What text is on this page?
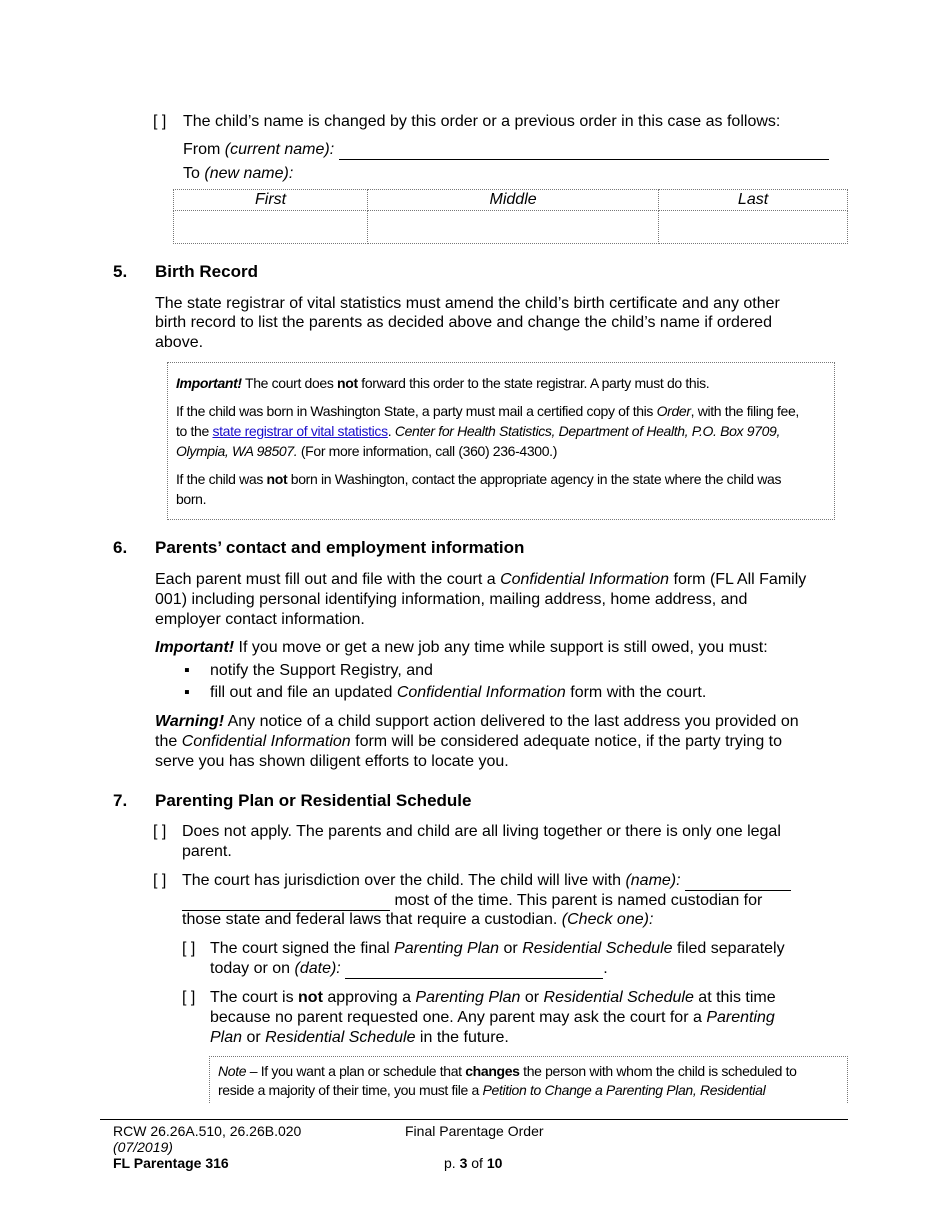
[ ] The child’s name is changed by this order or a previous order in this case as follows:
From (current name):
To (new name):
First	Middle	Last

5. Birth Record
The state registrar of vital statistics must amend the child’s birth certificate and any other
birth record to list the parents as decided above and change the child’s name if ordered
above.
Important! The court does not forward this order to the state registrar. A party must do this.
If the child was born in Washington State, a party must mail a certified copy of this Order, with the filing fee,
to the state registrar of vital statistics. Center for Health Statistics, Department of Health, P.O. Box 9709,
Olympia, WA 98507. (For more information, call (360) 236-4300.)
If the child was not born in Washington, contact the appropriate agency in the state where the child was
born.
6. Parents’ contact and employment information
Each parent must fill out and file with the court a Confidential Information form (FL All Family
001) including personal identifying information, mailing address, home address, and
employer contact information.
Important! If you move or get a new job any time while support is still owed, you must:
▪ notify the Support Registry, and
▪ fill out and file an updated Confidential Information form with the court.
Warning! Any notice of a child support action delivered to the last address you provided on
the Confidential Information form will be considered adequate notice, if the party trying to
serve you has shown diligent efforts to locate you.
7. Parenting Plan or Residential Schedule
[ ] Does not apply. The parents and child are all living together or there is only one legal
parent.
[ ] The court has jurisdiction over the child. The child will live with (name):
most of the time. This parent is named custodian for
those state and federal laws that require a custodian. (Check one):
[ ] The court signed the final Parenting Plan or Residential Schedule filed separately
today or on (date):	.
[ ] The court is not approving a Parenting Plan or Residential Schedule at this time
because no parent requested one. Any parent may ask the court for a Parenting
Plan or Residential Schedule in the future.
Note – If you want a plan or schedule that changes the person with whom the child is scheduled to
reside a majority of their time, you must file a Petition to Change a Parenting Plan, Residential
RCW 26.26A.510, 26.26B.020
(07/2019)
FL Parentage 316
Final Parentage Order
p. 3 of 10
